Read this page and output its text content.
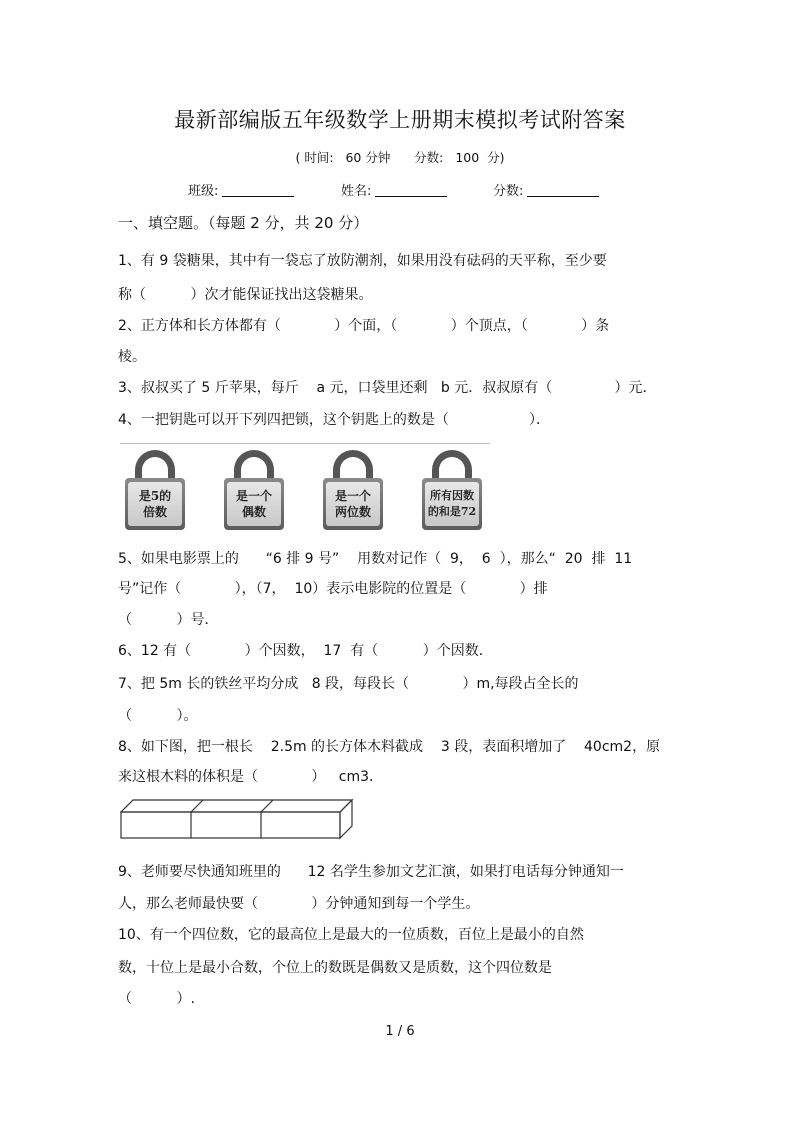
最新部编版五年级数学上册期末模拟考试附答案
( 时间:   60 分钟      分数:   100  分)
班级:	姓名:	分数:
一、填空题。（每题 2 分，共 20 分）
1、有 9 袋糖果，其中有一袋忘了放防潮剂，如果用没有砝码的天平称，至少要
称（          ）次才能保证找出这袋糖果。
2、正方体和长方体都有（            ）个面，（            ）个顶点，（            ）条
棱。
3、叔叔买了 5 斤苹果，每斤    a 元，口袋里还剩   b 元．叔叔原有（              ）元．
4、一把钥匙可以开下列四把锁，这个钥匙上的数是（                  ）．
是5的
倍数
是一个
偶数
是一个
两位数
所有因数
的和是72
5、如果电影票上的      “6 排 9 号”    用数对记作（  9，  6  ），那么“  20  排  11
号”记作（            ），（7，  10）表示电影院的位置是（            ）排
（          ）号．
6、12 有（            ）个因数，  17  有（          ）个因数．
7、把 5m 长的铁丝平均分成   8 段，每段长（            ）m,每段占全长的
（          ）。
8、如下图，把一根长    2.5m 的长方体木料截成    3 段，表面积增加了    40cm2，原
来这根木料的体积是（            ）   cm3．
9、老师要尽快通知班里的      12 名学生参加文艺汇演，如果打电话每分钟通知一
人，那么老师最快要（            ）分钟通知到每一个学生。
10、有一个四位数，它的最高位上是最大的一位质数，百位上是最小的自然
数，十位上是最小合数，个位上的数既是偶数又是质数，这个四位数是
（          ）.
1 / 6
